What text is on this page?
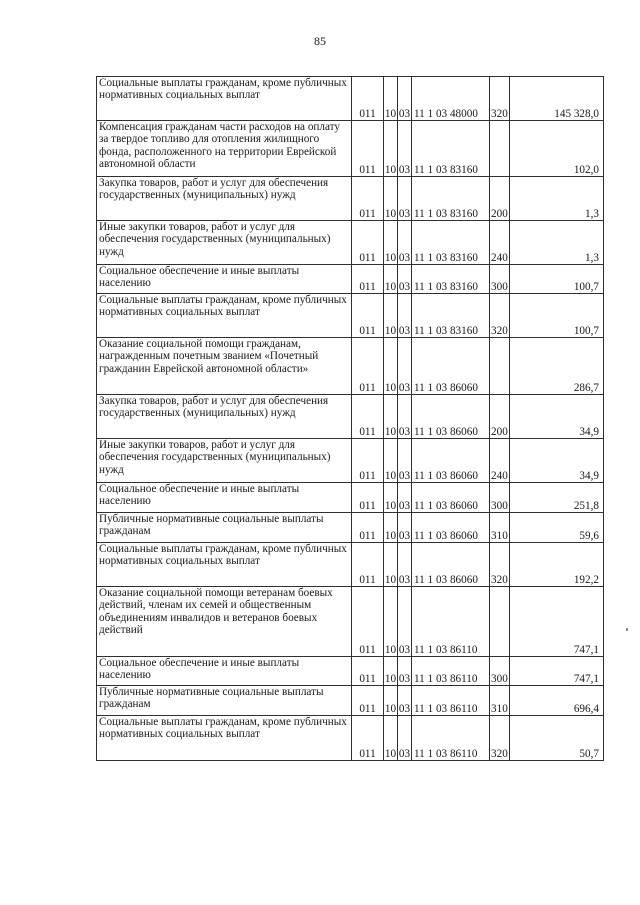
85
Социальные выплаты гражданам, кроме публичных нормативных социальных выплат	011	10	03	11 1 03 48000	320	145 328,0
Компенсация гражданам части расходов на оплату за твердое топливо для отопления жилищного фонда, расположенного на территории Еврейской автономной области	011	10	03	11 1 03 83160		102,0
Закупка товаров, работ и услуг для обеспечения государственных (муниципальных) нужд	011	10	03	11 1 03 83160	200	1,3
Иные закупки товаров, работ и услуг для обеспечения государственных (муниципальных) нужд	011	10	03	11 1 03 83160	240	1,3
Социальное обеспечение и иные выплаты населению	011	10	03	11 1 03 83160	300	100,7
Социальные выплаты гражданам, кроме публичных нормативных социальных выплат	011	10	03	11 1 03 83160	320	100,7
Оказание социальной помощи гражданам, награжденным почетным званием «Почетный гражданин Еврейской автономной области»	011	10	03	11 1 03 86060		286,7
Закупка товаров, работ и услуг для обеспечения государственных (муниципальных) нужд	011	10	03	11 1 03 86060	200	34,9
Иные закупки товаров, работ и услуг для обеспечения государственных (муниципальных) нужд	011	10	03	11 1 03 86060	240	34,9
Социальное обеспечение и иные выплаты населению	011	10	03	11 1 03 86060	300	251,8
Публичные нормативные социальные выплаты гражданам	011	10	03	11 1 03 86060	310	59,6
Социальные выплаты гражданам, кроме публичных нормативных социальных выплат	011	10	03	11 1 03 86060	320	192,2
Оказание социальной помощи ветеранам боевых действий, членам их семей и общественным объединениям инвалидов и ветеранов боевых действий	011	10	03	11 1 03 86110		747,1
Социальное обеспечение и иные выплаты населению	011	10	03	11 1 03 86110	300	747,1
Публичные нормативные социальные выплаты гражданам	011	10	03	11 1 03 86110	310	696,4
Социальные выплаты гражданам, кроме публичных нормативных социальных выплат	011	10	03	11 1 03 86110	320	50,7
